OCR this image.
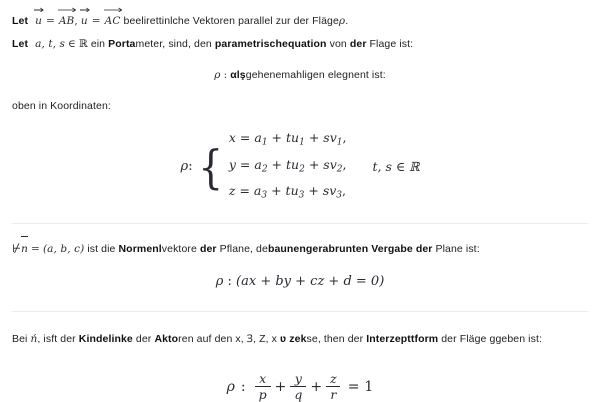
Let u = AB, u = AC beelirettinlche Vektoren parallel zur der Flägeρ.
Let a, t, s ∈ ℝ ein Portameter, sind, den parametrischequation von der Flage ist:
ρ : αlşgehenemahligen elegnent ist:
oben in Koordinaten:
ρ: {
$x = a_1 + tu_1 + sv_1$,
$y = a_2 + tu_2 + sv_2$,
$z = a_3 + tu_3 + sv_3$,
t, s ∈ ℝ
⊬n = (a, b, c) ist die Normenlvektore der Pflane, debaunengerabrunten Vergabe der Plane ist:
ρ : (ax + by + cz + d = 0)
Bei ń, isft der Kindelinke der Aktoren auf den x, Ɜ, Z, x ʋ zekse, then der Interzepttform der Fläge ggeben ist:
ρ : $\frac{x}{p} + \frac{y}{q} + \frac{z}{r} = 1$
